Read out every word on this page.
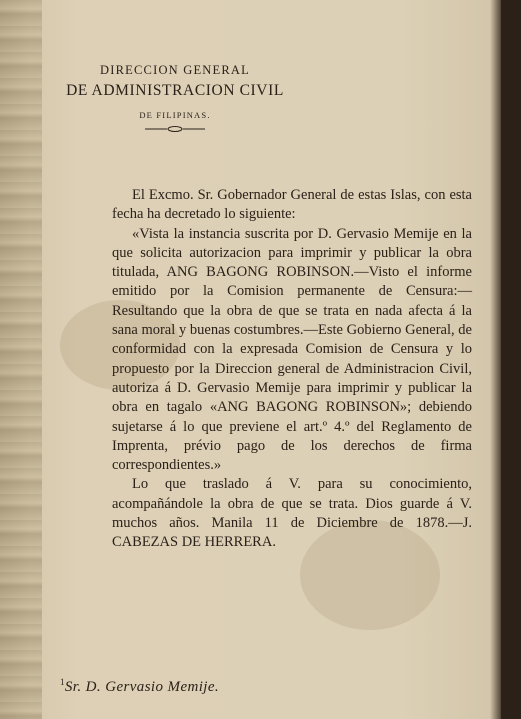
DIRECCION GENERAL

DE ADMINISTRACION CIVIL

DE FILIPINAS.

El Excmo. Sr. Gobernador General de estas Islas, con esta fecha ha decretado lo siguiente:

«Vista la instancia suscrita por D. Gervasio Memije en la que solicita autorizacion para imprimir y publicar la obra titulada, ANG BAGONG ROBINSON.—Visto el informe emitido por la Comision permanente de Censura:—Resultando que la obra de que se trata en nada afecta á la sana moral y buenas costumbres.—Este Gobierno General, de conformidad con la expresada Comision de Censura y lo propuesto por la Direccion general de Administracion Civil, autoriza á D. Gervasio Memije para imprimir y publicar la obra en tagalo «ANG BAGONG ROBINSON»; debiendo sujetarse á lo que previene el art.º 4.º del Reglamento de Imprenta, prévio pago de los derechos de firma correspondientes.»

Lo que traslado á V. para su conocimiento, acompañándole la obra de que se trata. Dios guarde á V. muchos años. Manila 11 de Diciembre de 1878.—J. CABEZAS DE HERRERA.

$^1$Sr. D. Gervasio Memije.
